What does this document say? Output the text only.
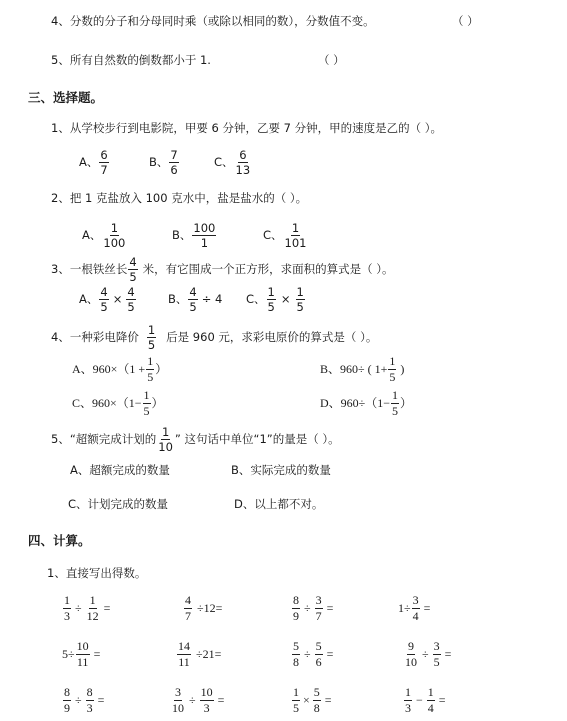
4、分数的分子和分母同时乘（或除以相同的数），分数值不变。	（ ）
5、所有自然数的倒数都小于 1.	（ ）
三、选择题。
1、从学校步行到电影院，甲要 6 分钟，乙要 7 分钟，甲的速度是乙的（ ）。
A、 $\frac{6}{7}$	B、 $\frac{7}{6}$	C、 $\frac{6}{13}$
2、把 1 克盐放入 100 克水中，盐是盐水的（ ）。
A、 $\frac{1}{100}$	B、 $\frac{100}{1}$	C、 $\frac{1}{101}$
3、一根铁丝长 $\frac{4}{5}$ 米，有它围成一个正方形，求面积的算式是（ ）。
A、 $\frac{4}{5} \times \frac{4}{5}$	B、 $\frac{4}{5} \div 4$ C、 $\frac{1}{5} \times \frac{1}{5}$
4、一种彩电降价 $\frac{1}{5}$ 后是 960 元，求彩电原价的算式是（ ）。
A、$960\times(1 + \frac{1}{5}$ ）	B、960÷ ( $1+ \frac{1}{5}$ )
C、$960\times(1- \frac{1}{5}$ ）	D、$960\div(1- \frac{1}{5}$ ）
5、“超额完成计划的 $\frac{1}{10}$ ” 这句话中单位“1”的量是（ ）。
A、超额完成的数量	B、实际完成的数量
C、计划完成的数量	D、以上都不对。
四、计算。
1、直接写出得数。
$\frac{1}{3} \div \frac{1}{12}$ =	$\frac{4}{7} \div 12=$	$\frac{8}{9} \div \frac{3}{7}$ =	$1\div \frac{3}{4}$ =
$5\div \frac{10}{11}$ =	$\frac{14}{11} \div 21=$	$\frac{5}{8} \div \frac{5}{6}$ =	$\frac{9}{10} \div \frac{3}{5}$ =
$\frac{8}{9} \div \frac{8}{3}$ =	$\frac{3}{10} \div \frac{10}{3}$ =	$\frac{1}{5} \times \frac{5}{8}$ =	$\frac{1}{3} - \frac{1}{4}$ =
